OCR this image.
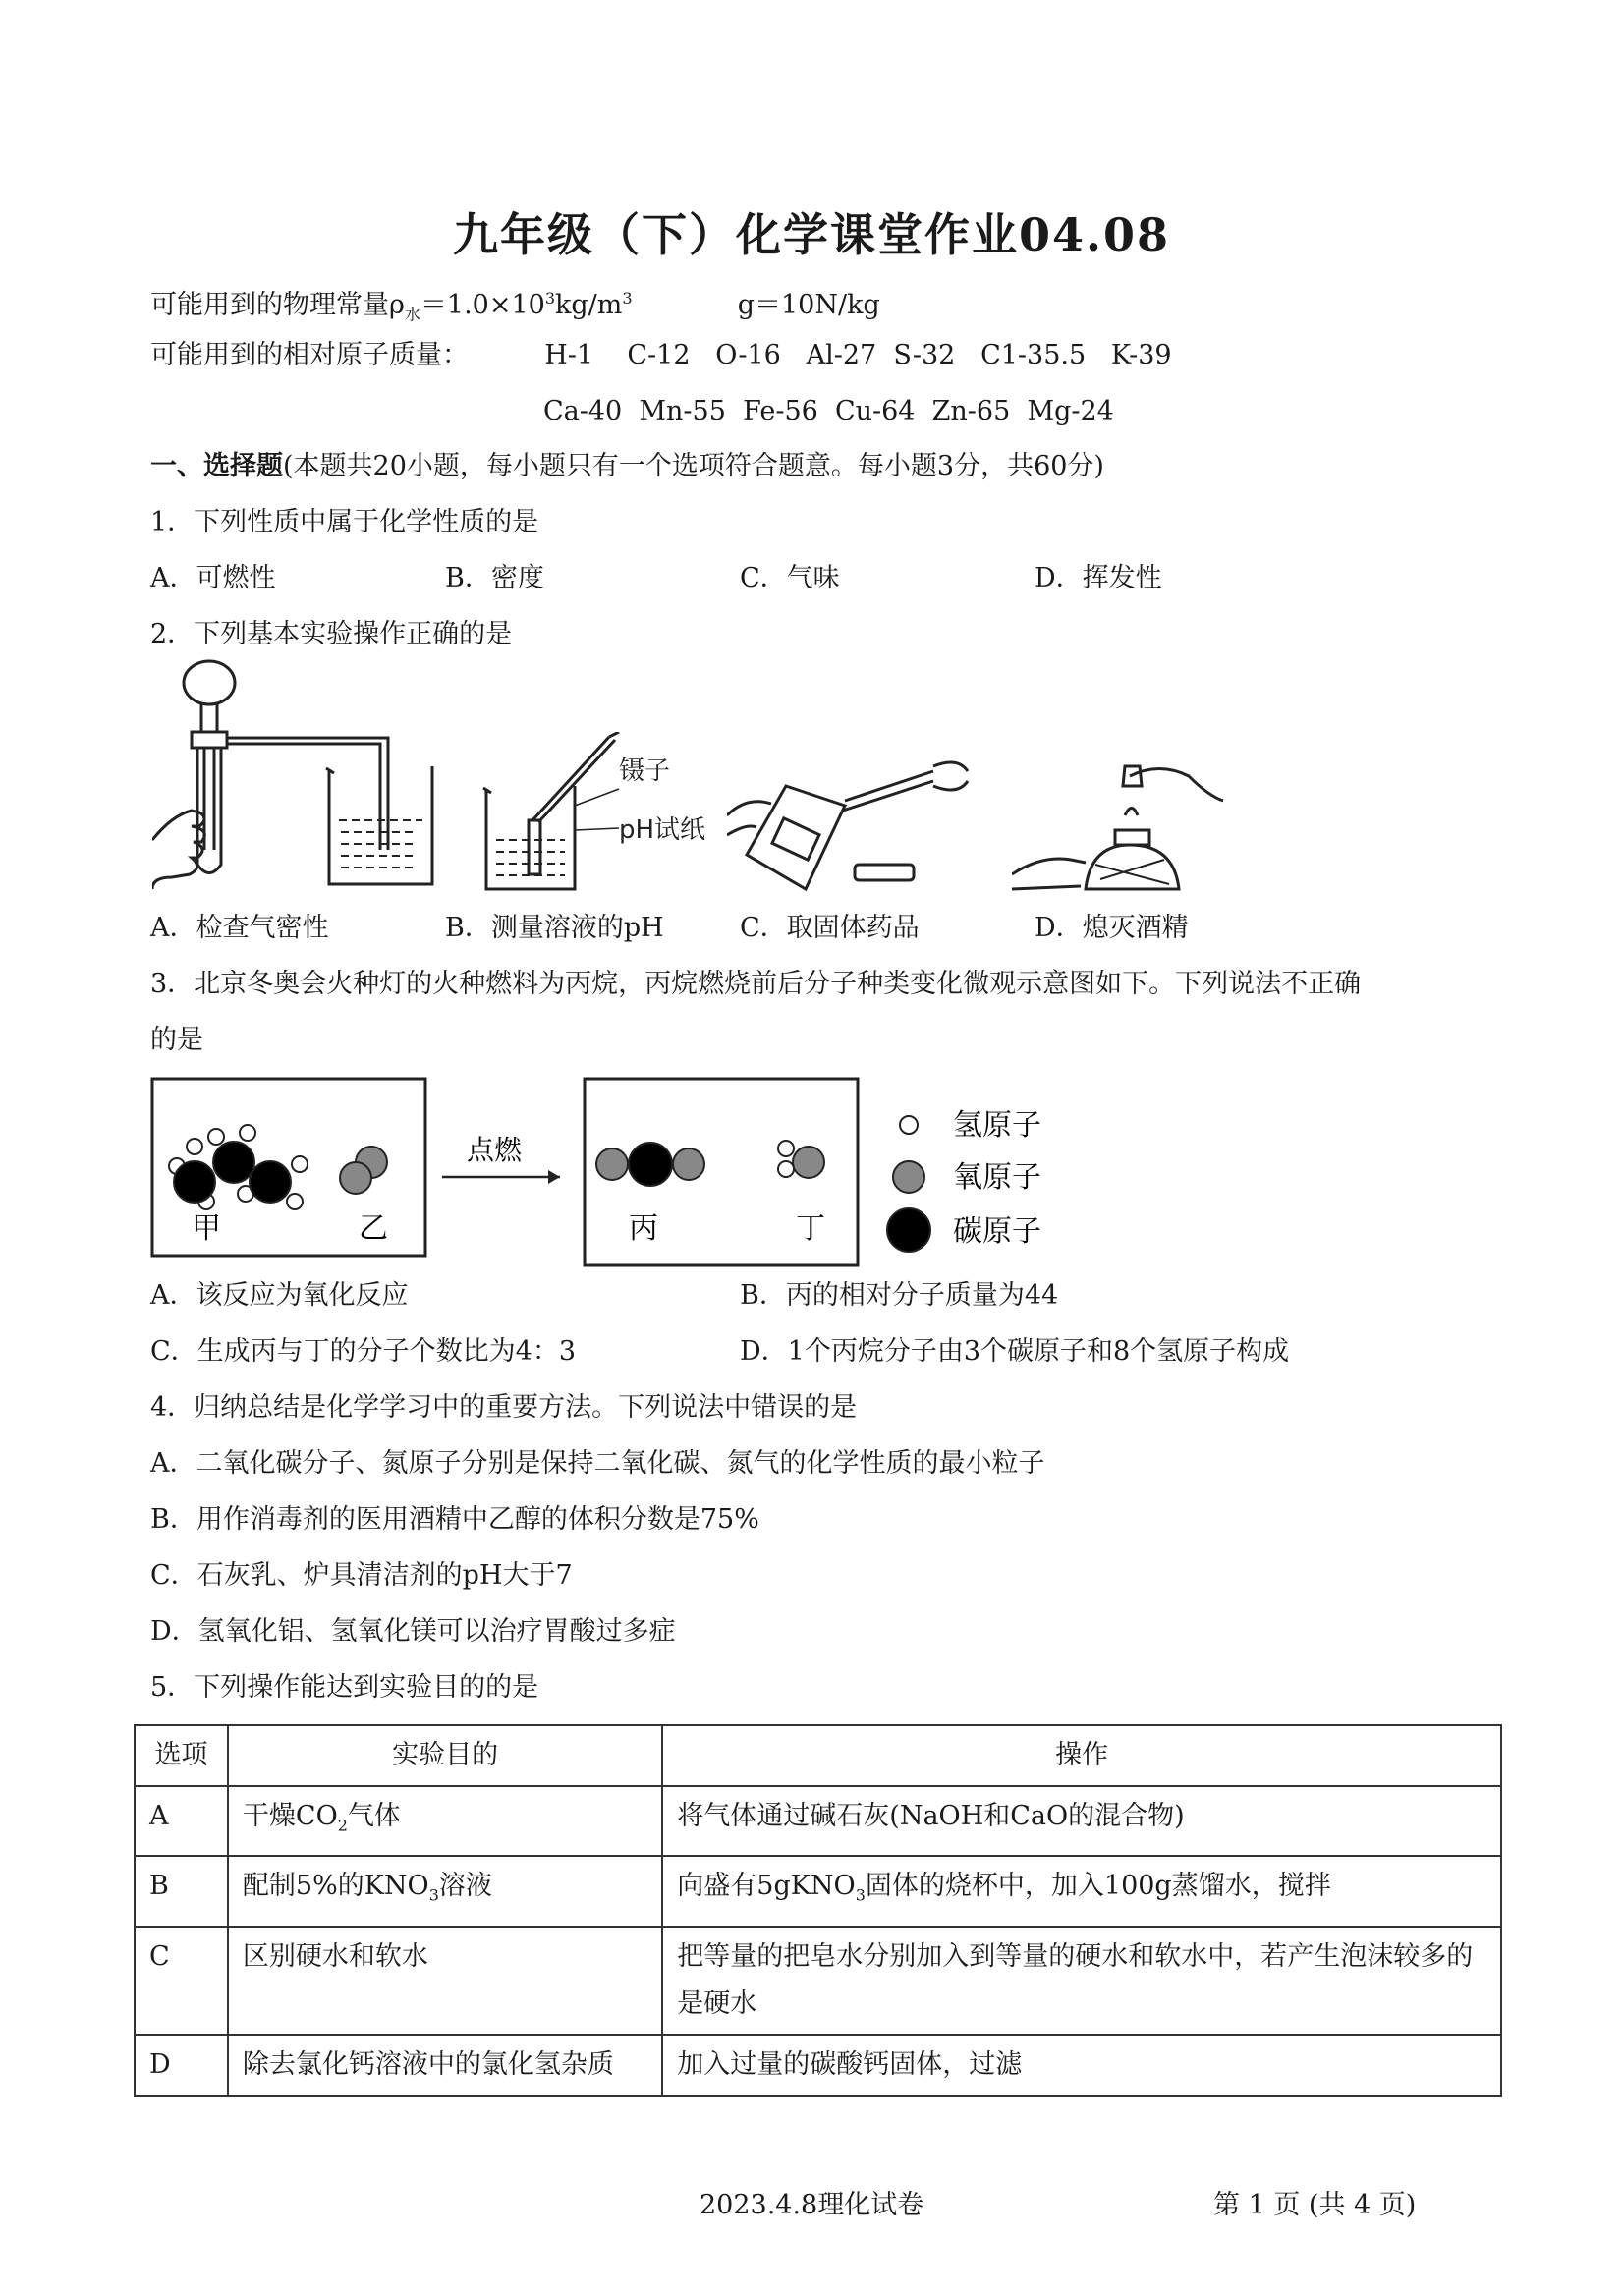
九年级（下）化学课堂作业04.08
可能用到的物理常量$\rho_水=1.0\times 10^3kg/m^3$	g＝10N/kg
可能用到的相对原子质量：	H-1    C-12   O-16   Al-27  S-32   C1-35.5   K-39
Ca-40  Mn-55  Fe-56  Cu-64  Zn-65  Mg-24
一、选择题(本题共20小题，每小题只有一个选项符合题意。每小题3分，共60分)
1．下列性质中属于化学性质的是
A．可燃性	B．密度	C．气味	D．挥发性
2．下列基本实验操作正确的是
镊子
pH试纸
A．检查气密性	B．测量溶液的pH	C．取固体药品	D．熄灭酒精
3．北京冬奥会火种灯的火种燃料为丙烷，丙烷燃烧前后分子种类变化微观示意图如下。下列说法不正确
的是
甲	乙
点燃
丙	丁
氢原子
氧原子
碳原子
A．该反应为氧化反应	B．丙的相对分子质量为44
C．生成丙与丁的分子个数比为4：3	D．1个丙烷分子由3个碳原子和8个氢原子构成
4．归纳总结是化学学习中的重要方法。下列说法中错误的是
A．二氧化碳分子、氮原子分别是保持二氧化碳、氮气的化学性质的最小粒子
B．用作消毒剂的医用酒精中乙醇的体积分数是75%
C．石灰乳、炉具清洁剂的pH大于7
D．氢氧化铝、氢氧化镁可以治疗胃酸过多症
5．下列操作能达到实验目的的是
选项	实验目的	操作
A	干燥$CO_2$气体	将气体通过碱石灰(NaOH和CaO的混合物)
B	配制5%的$KNO_3$溶液	向盛有5gKNO$_3$固体的烧杯中，加入100g蒸馏水，搅拌
C	区别硬水和软水	把等量的把皂水分别加入到等量的硬水和软水中，若产生泡沫较多的是硬水
D	除去氯化钙溶液中的氯化氢杂质	加入过量的碳酸钙固体，过滤
2023.4.8理化试卷	第 1 页 (共 4 页)
